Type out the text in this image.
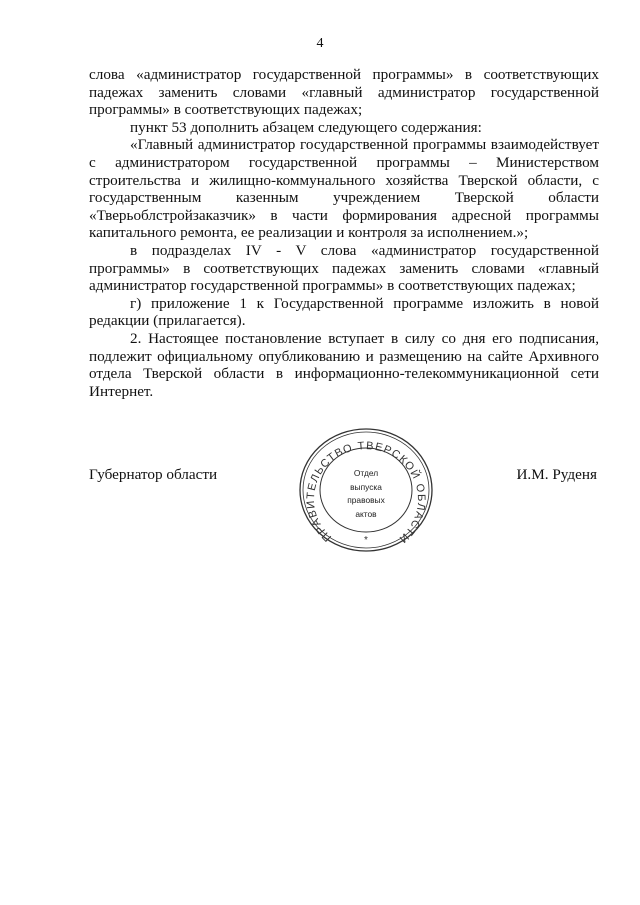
4

слова «администратор государственной программы» в соответствующих падежах заменить словами «главный администратор государственной программы» в соответствующих падежах;

пункт 53 дополнить абзацем следующего содержания:

«Главный администратор государственной программы взаимодействует с администратором государственной программы – Министерством строительства и жилищно-коммунального хозяйства Тверской области, с государственным казенным учреждением Тверской области «Тверьоблстройзаказчик» в части формирования адресной программы капитального ремонта, ее реализации и контроля за исполнением.»;

в подразделах IV - V слова «администратор государственной программы» в соответствующих падежах заменить словами «главный администратор государственной программы» в соответствующих падежах;

г) приложение 1 к Государственной программе изложить в новой редакции (прилагается).

2. Настоящее постановление вступает в силу со дня его подписания, подлежит официальному опубликованию и размещению на сайте Архивного отдела Тверской области в информационно-телекоммуникационной сети Интернет.

Губернатор области	И.М. Руденя
ПРАВИТЕЛЬСТВО ТВЕРСКОЙ ОБЛАСТИ
*
Отдел
выпуска
правовых
актов
